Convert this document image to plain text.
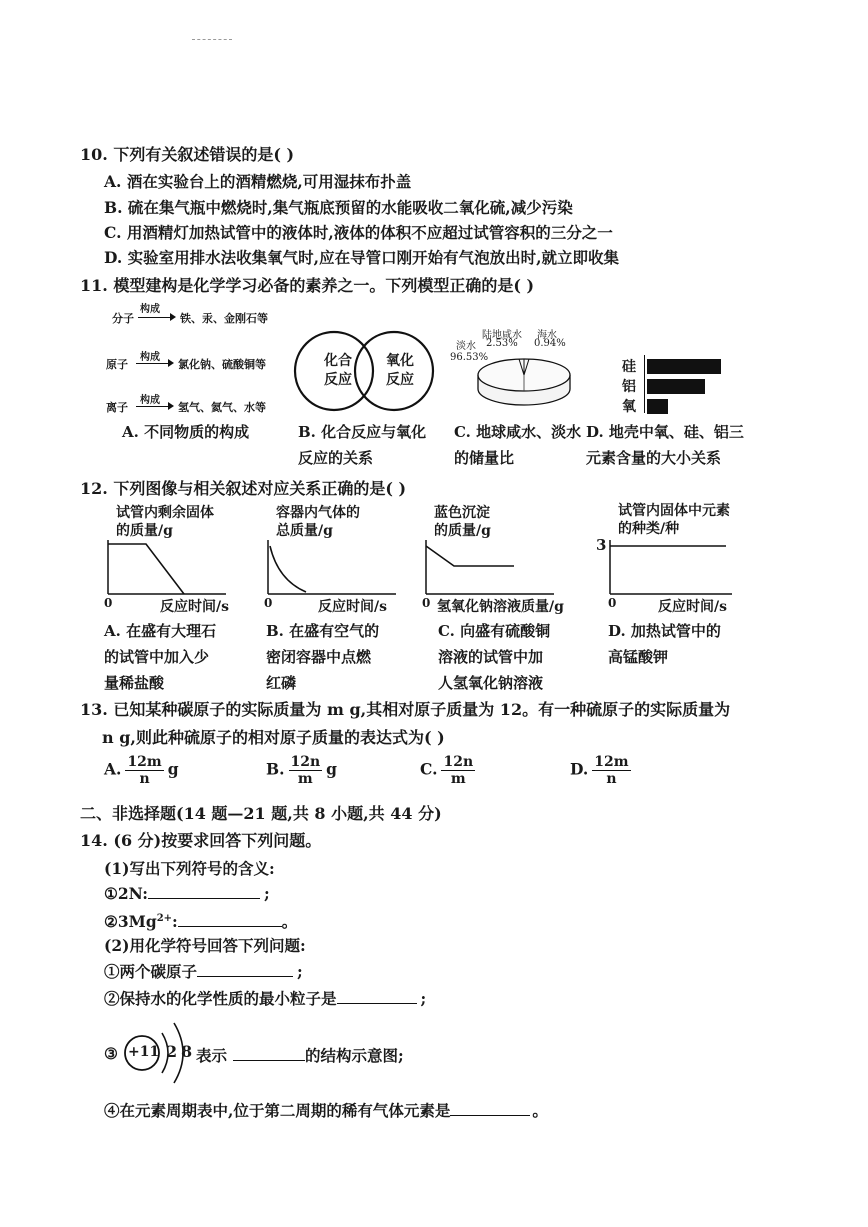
10. 下列有关叙述错误的是( )
A. 酒在实验台上的酒精燃烧,可用湿抹布扑盖
B. 硫在集气瓶中燃烧时,集气瓶底预留的水能吸收二氧化硫,减少污染
C. 用酒精灯加热试管中的液体时,液体的体积不应超过试管容积的三分之一
D. 实验室用排水法收集氧气时,应在导管口刚开始有气泡放出时,就立即收集
11. 模型建构是化学学习必备的素养之一。下列模型正确的是( )
分子
构成
铁、汞、金刚石等
原子
构成
氯化钠、硫酸铜等
离子
构成
氢气、氦气、水等
A. 不同物质的构成
化合
反应
氧化
反应
B. 化合反应与氧化
反应的关系
淡水
96.53%
陆地咸水
2.53%
海水
0.94%
C. 地球咸水、淡水
的储量比
硅
铝
氧
D. 地壳中氧、硅、铝三
元素含量的大小关系
12. 下列图像与相关叙述对应关系正确的是( )
试管内剩余固体
的质量/g
0	反应时间/s
A. 在盛有大理石
的试管中加入少
量稀盐酸
容器内气体的
总质量/g
0	反应时间/s
B. 在盛有空气的
密闭容器中点燃
红磷
蓝色沉淀
的质量/g
0 氢氧化钠溶液质量/g
C. 向盛有硫酸铜
溶液的试管中加
人氢氧化钠溶液
试管内固体中元素
的种类/种
3
0	反应时间/s
D. 加热试管中的
高锰酸钾
13. 已知某种碳原子的实际质量为 m g,其相对原子质量为 12。有一种硫原子的实际质量为
n g,则此种硫原子的相对原子质量的表达式为( )
A. $\frac{12m}{n}$ g	B. $\frac{12n}{m}$ g	C. $\frac{12n}{m}$	D. $\frac{12m}{n}$
二、非选择题(14 题—21 题,共 8 小题,共 44 分)
14. (6 分)按要求回答下列问题。
(1)写出下列符号的含义:
①2N:	;
$②3Mg^{2+}$:	。
(2)用化学符号回答下列问题:
①两个碳原子	;
②保持水的化学性质的最小粒子是	;
③ +11 2 8 表示	的结构示意图;
④在元素周期表中,位于第二周期的稀有气体元素是	。
